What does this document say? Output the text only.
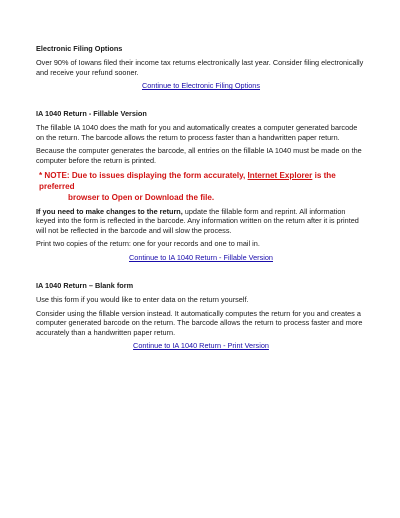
Electronic Filing Options

Over 90% of Iowans filed their income tax returns electronically last year. Consider filing electronically and receive your refund sooner.

Continue to Electronic Filing Options

IA 1040 Return - Fillable Version

The fillable IA 1040 does the math for you and automatically creates a computer generated barcode on the return. The barcode allows the return to process faster than a handwritten paper return.

Because the computer generates the barcode, all entries on the fillable IA 1040 must be made on the computer before the return is printed.

* NOTE: Due to issues displaying the form accurately, Internet Explorer is the preferred
browser to Open or Download the file.

If you need to make changes to the return, update the fillable form and reprint. All information keyed into the form is reflected in the barcode. Any information written on the return after it is printed will not be reflected in the barcode and will slow the process.

Print two copies of the return: one for your records and one to mail in.

Continue to IA 1040 Return - Fillable Version

IA 1040 Return – Blank form

Use this form if you would like to enter data on the return yourself.

Consider using the fillable version instead. It automatically computes the return for you and creates a computer generated barcode on the return. The barcode allows the return to process faster and more accurately than a handwritten paper return.

Continue to IA 1040 Return - Print Version
